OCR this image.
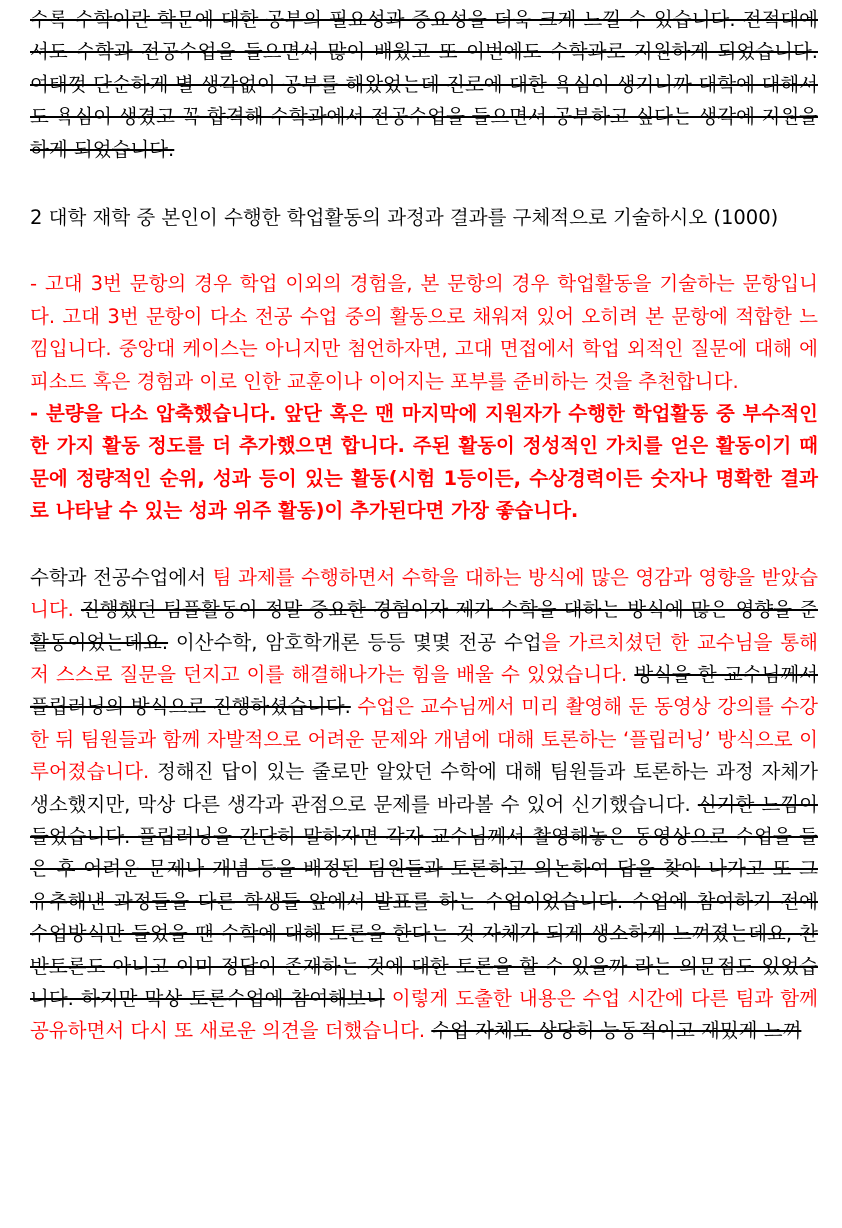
수록 수학이란 학문에 대한 공부의 필요성과 중요성을 더욱 크게 느낄 수 있습니다. 전적대에서도 수학과 전공수업을 들으면서 많이 배웠고 또 이번에도 수학과로 지원하게 되었습니다. 여태껏 단순하게 별 생각없이 공부를 해왔었는데 진로에 대한 욕심이 생기니까 대학에 대해서도 욕심이 생겼고 꼭 합격해 수학과에서 전공수업을 들으면서 공부하고 싶다는 생각에 지원을 하게 되었습니다.

2 대학 재학 중 본인이 수행한 학업활동의 과정과 결과를 구체적으로 기술하시오 (1000)

- 고대 3번 문항의 경우 학업 이외의 경험을, 본 문항의 경우 학업활동을 기술하는 문항입니다. 고대 3번 문항이 다소 전공 수업 중의 활동으로 채워져 있어 오히려 본 문항에 적합한 느낌입니다. 중앙대 케이스는 아니지만 첨언하자면, 고대 면접에서 학업 외적인 질문에 대해 에피소드 혹은 경험과 이로 인한 교훈이나 이어지는 포부를 준비하는 것을 추천합니다.

- 분량을 다소 압축했습니다. 앞단 혹은 맨 마지막에 지원자가 수행한 학업활동 중 부수적인 한 가지 활동 정도를 더 추가했으면 합니다. 주된 활동이 정성적인 가치를 얻은 활동이기 때문에 정량적인 순위, 성과 등이 있는 활동(시험 1등이든, 수상경력이든 숫자나 명확한 결과로 나타날 수 있는 성과 위주 활동)이 추가된다면 가장 좋습니다.

수학과 전공수업에서 팀 과제를 수행하면서 수학을 대하는 방식에 많은 영감과 영향을 받았습니다. 진행했던 팀플활동이 정말 중요한 경험이자 제가 수학을 대하는 방식에 많은 영향을 준 활동이었는데요. 이산수학, 암호학개론 등등 몇몇 전공 수업을 가르치셨던 한 교수님을 통해 저 스스로 질문을 던지고 이를 해결해나가는 힘을 배울 수 있었습니다. 방식을 한 교수님께서 플립러닝의 방식으로 진행하셨습니다. 수업은 교수님께서 미리 촬영해 둔 동영상 강의를 수강한 뒤 팀원들과 함께 자발적으로 어려운 문제와 개념에 대해 토론하는 ‘플립러닝’ 방식으로 이루어졌습니다. 정해진 답이 있는 줄로만 알았던 수학에 대해 팀원들과 토론하는 과정 자체가 생소했지만, 막상 다른 생각과 관점으로 문제를 바라볼 수 있어 신기했습니다. 신기한 느낌이 들었습니다. 플립러닝을 간단히 말하자면 각자 교수님께서 촬영해놓은 동영상으로 수업을 들은 후 어려운 문제나 개념 등을 배정된 팀원들과 토론하고 의논하여 답을 찾아 나가고 또 그 유추해낸 과정들을 다른 학생들 앞에서 발표를 하는 수업이었습니다. 수업에 참여하기 전에 수업방식만 들었을 땐 수학에 대해 토론을 한다는 것 자체가 되게 생소하게 느껴졌는데요, 찬반토론도 아니고 이미 정답이 존재하는 것에 대한 토론을 할 수 있을까 라는 의문점도 있었습니다. 하지만 막상 토론수업에 참여해보니 이렇게 도출한 내용은 수업 시간에 다른 팀과 함께 공유하면서 다시 또 새로운 의견을 더했습니다. 수업 자체도 상당히 능동적이고 재밌게 느껴
